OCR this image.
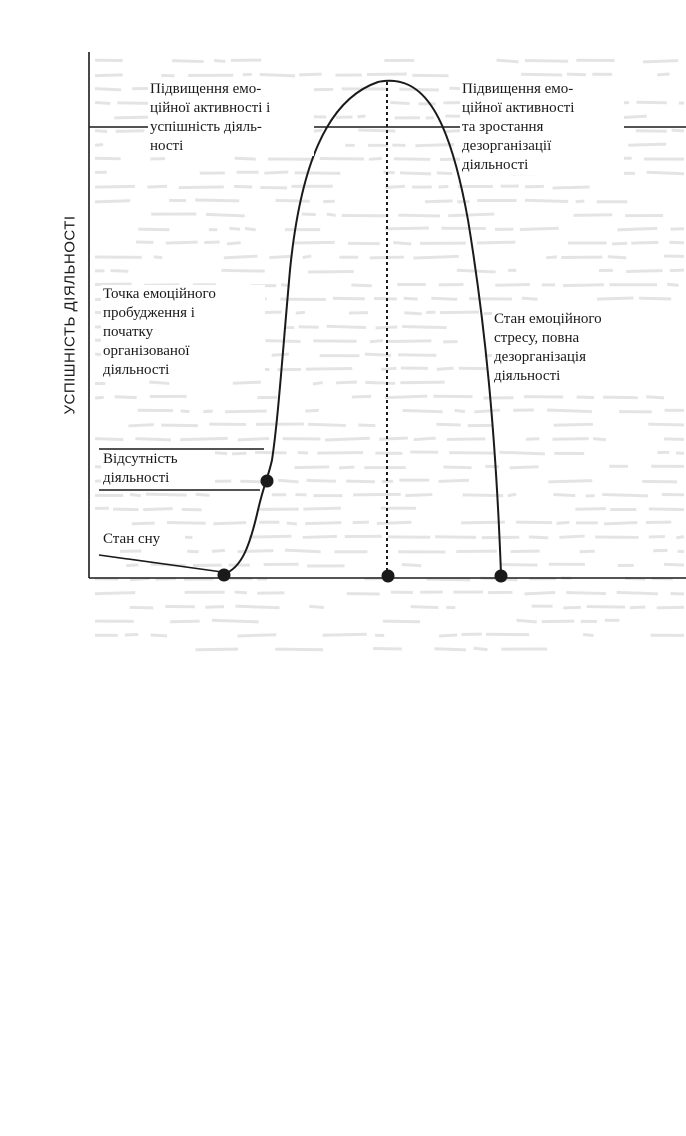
УСПІШНІСТЬ ДІЯЛЬНОСТІ
Підвищення емо-
ційної активності і
успішність діяль-
ності
Підвищення емо-
ційної активності
та зростання
дезорганізації
діяльності
Точка емоційного
пробудження і
початку
організованої
діяльності
Відсутність
діяльності
Стан сну
Стан емоційного
стресу, повна
дезорганізація
діяльності
